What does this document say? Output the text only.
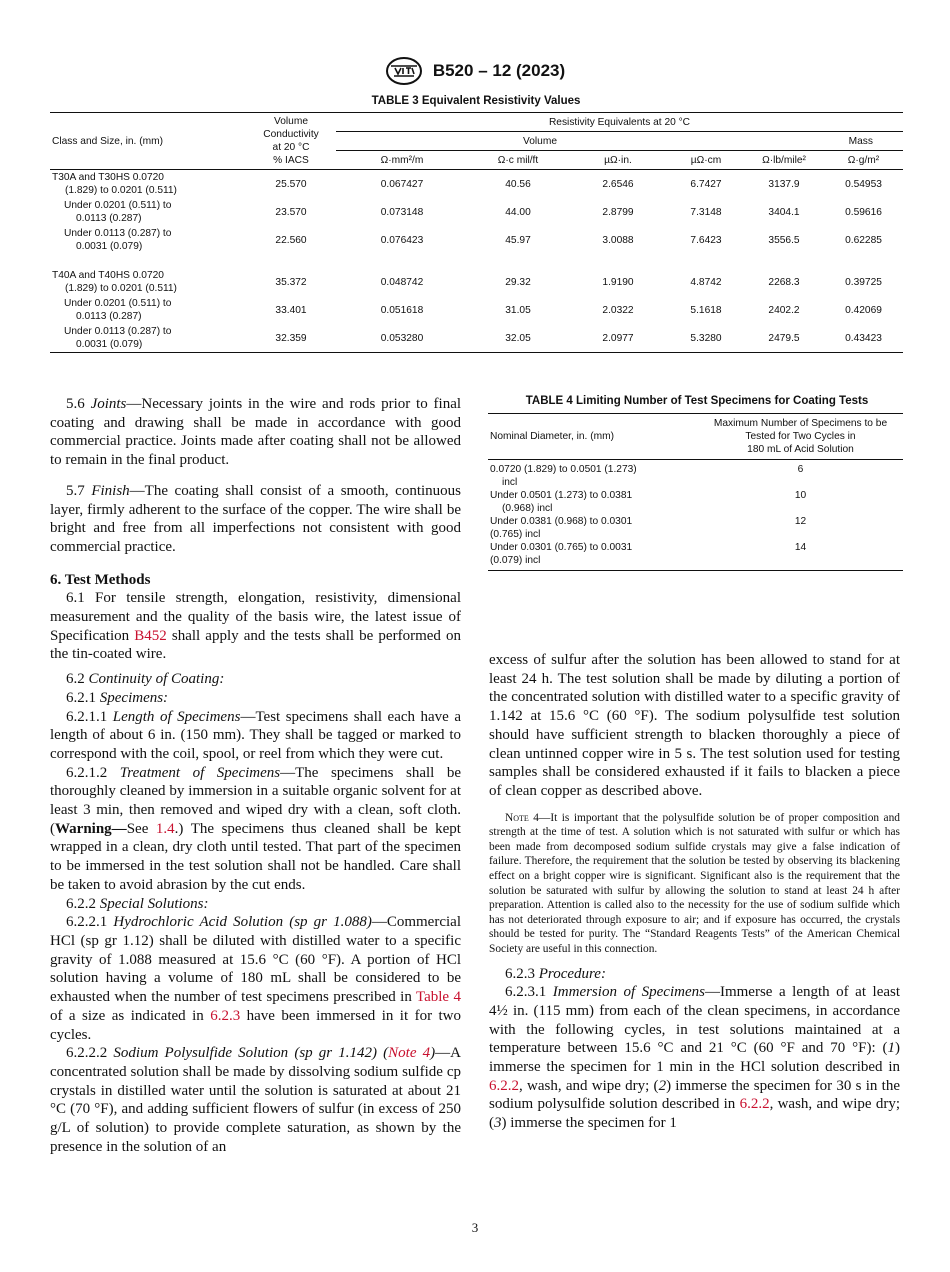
B520 – 12 (2023)
TABLE 3 Equivalent Resistivity Values
Class and Size, in. (mm)	Volume
Conductivity
at 20 °C
% IACS	Resistivity Equivalents at 20 °C					
		Volume				Mass	
		Ω·mm²/m	Ω·c mil/ft	µΩ·in.	µΩ·cm	Ω·lb/mile²	Ω·g/m²
T30A and T30HS 0.0720
(1.829) to 0.0201 (0.511)	25.570	0.067427	40.56	2.6546	6.7427	3137.9	0.54953

Under 0.0201 (0.511) to
0.0113 (0.287)	23.570	0.073148	44.00	2.8799	7.3148	3404.1	0.59616

Under 0.0113 (0.287) to
0.0031 (0.079)	22.560	0.076423	45.97	3.0088	7.6423	3556.5	0.62285

T40A and T40HS 0.0720
(1.829) to 0.0201 (0.511)	35.372	0.048742	29.32	1.9190	4.8742	2268.3	0.39725

Under 0.0201 (0.511) to
0.0113 (0.287)	33.401	0.051618	31.05	2.0322	5.1618	2402.2	0.42069

Under 0.0113 (0.287) to
0.0031 (0.079)	32.359	0.053280	32.05	2.0977	5.3280	2479.5	0.43423

5.6 Joints—Necessary joints in the wire and rods prior to final coating and drawing shall be made in accordance with good commercial practice. Joints made after coating shall not be allowed to remain in the final product.

5.7 Finish—The coating shall consist of a smooth, continuous layer, firmly adherent to the surface of the copper. The wire shall be bright and free from all imperfections not consistent with good commercial practice.

6. Test Methods

6.1 For tensile strength, elongation, resistivity, dimensional measurement and the quality of the basis wire, the latest issue of Specification B452 shall apply and the tests shall be performed on the tin-coated wire.

6.2 Continuity of Coating:

6.2.1 Specimens:

6.2.1.1 Length of Specimens—Test specimens shall each have a length of about 6 in. (150 mm). They shall be tagged or marked to correspond with the coil, spool, or reel from which they were cut.

6.2.1.2 Treatment of Specimens—The specimens shall be thoroughly cleaned by immersion in a suitable organic solvent for at least 3 min, then removed and wiped dry with a clean, soft cloth. (Warning—See 1.4.) The specimens thus cleaned shall be kept wrapped in a clean, dry cloth until tested. That part of the specimen to be immersed in the test solution shall not be handled. Care shall be taken to avoid abrasion by the cut ends.

6.2.2 Special Solutions:

6.2.2.1 Hydrochloric Acid Solution (sp gr 1.088)—Commercial HCl (sp gr 1.12) shall be diluted with distilled water to a specific gravity of 1.088 measured at 15.6 °C (60 °F). A portion of HCl solution having a volume of 180 mL shall be considered to be exhausted when the number of test specimens prescribed in Table 4 of a size as indicated in 6.2.3 have been immersed in it for two cycles.

6.2.2.2 Sodium Polysulfide Solution (sp gr 1.142) (Note 4)—A concentrated solution shall be made by dissolving sodium sulfide cp crystals in distilled water until the solution is saturated at about 21 °C (70 °F), and adding sufficient flowers of sulfur (in excess of 250 g/L of solution) to provide complete saturation, as shown by the presence in the solution of an

TABLE 4 Limiting Number of Test Specimens for Coating Tests
Nominal Diameter, in. (mm)	Maximum Number of Specimens to be
Tested for Two Cycles in
180 mL of Acid Solution
0.0720 (1.829) to 0.0501 (1.273)
incl	6
Under 0.0501 (1.273) to 0.0381
(0.968) incl	10
Under 0.0381 (0.968) to 0.0301
(0.765) incl	12
Under 0.0301 (0.765) to 0.0031
(0.079) incl	14

excess of sulfur after the solution has been allowed to stand for at least 24 h. The test solution shall be made by diluting a portion of the concentrated solution with distilled water to a specific gravity of 1.142 at 15.6 °C (60 °F). The sodium polysulfide test solution should have sufficient strength to blacken thoroughly a piece of clean untinned copper wire in 5 s. The test solution used for testing samples shall be considered exhausted if it fails to blacken a piece of clean copper as described above.

Note 4—It is important that the polysulfide solution be of proper composition and strength at the time of test. A solution which is not saturated with sulfur or which has been made from decomposed sodium sulfide crystals may give a false indication of failure. Therefore, the requirement that the solution be tested by observing its blackening effect on a bright copper wire is significant. Significant also is the requirement that the solution be saturated with sulfur by allowing the solution to stand at least 24 h after preparation. Attention is called also to the necessity for the use of sodium sulfide which has not deteriorated through exposure to air; and if exposure has occurred, the crystals should be tested for purity. The “Standard Reagents Tests” of the American Chemical Society are useful in this connection.

6.2.3 Procedure:

6.2.3.1 Immersion of Specimens—Immerse a length of at least 4½ in. (115 mm) from each of the clean specimens, in accordance with the following cycles, in test solutions maintained at a temperature between 15.6 °C and 21 °C (60 °F and 70 °F): (1) immerse the specimen for 1 min in the HCl solution described in 6.2.2, wash, and wipe dry; (2) immerse the specimen for 30 s in the sodium polysulfide solution described in 6.2.2, wash, and wipe dry; (3) immerse the specimen for 1

3
